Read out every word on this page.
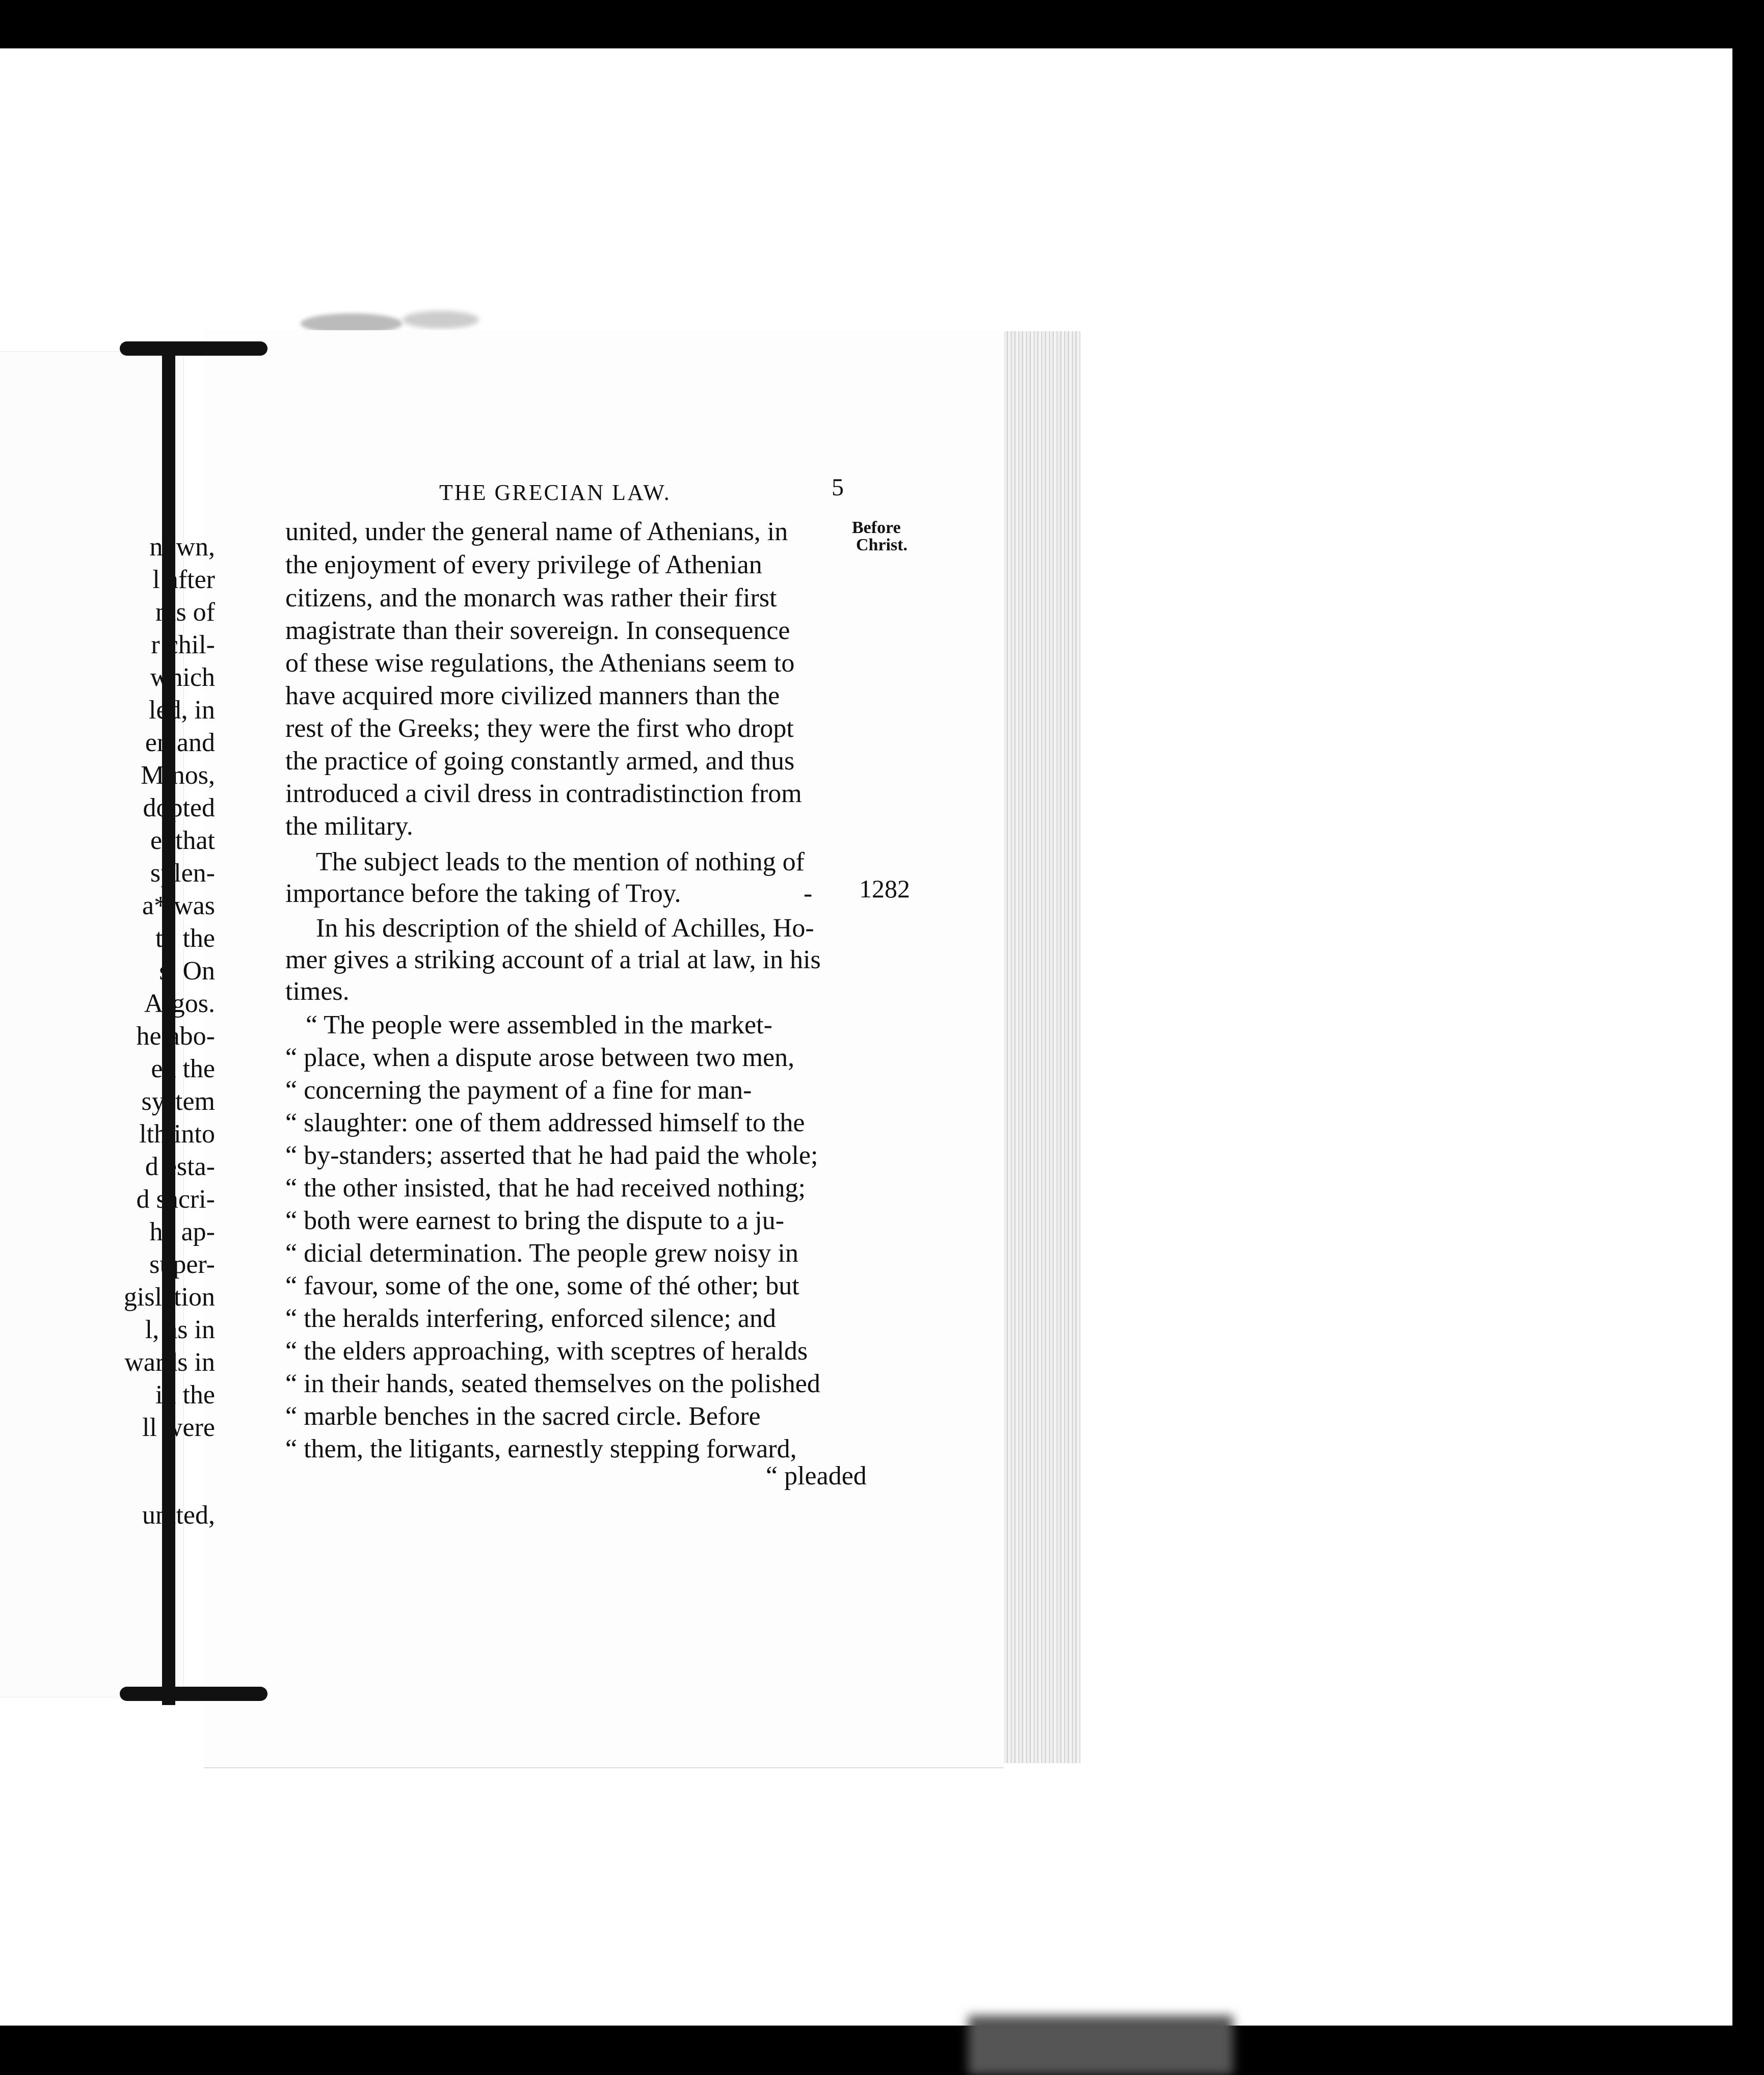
nown,
l after
ms of
r chil-
which
led, in
en and
Minos,
dopted
e, that
splen-
a* was
to the
s. On
Argos.
he abo-
ed the
system
lth into
d esta-
d sacri-
he ap-
super-
gislation
l, as in
wards in
in the
ll were
united,
THE GRECIAN LAW.	5
Before
Christ.
united, under the general name of Athenians, in
the enjoyment of every privilege of Athenian
citizens, and the monarch was rather their first
magistrate than their sovereign. In consequence
of these wise regulations, the Athenians seem to
have acquired more civilized manners than the
rest of the Greeks; they were the first who dropt
the practice of going constantly armed, and thus
introduced a civil dress in contradistinction from
the military.
The subject leads to the mention of nothing of
importance before the taking of Troy.
In his description of the shield of Achilles, Ho-
mer gives a striking account of a trial at law, in his
times.
“ The people were assembled in the market-
“ place, when a dispute arose between two men,
“ concerning the payment of a fine for man-
“ slaughter: one of them addressed himself to the
“ by-standers; asserted that he had paid the whole;
“ the other insisted, that he had received nothing;
“ both were earnest to bring the dispute to a ju-
“ dicial determination. The people grew noisy in
“ favour, some of the one, some of thé other; but
“ the heralds interfering, enforced silence; and
“ the elders approaching, with sceptres of heralds
“ in their hands, seated themselves on the polished
“ marble benches in the sacred circle. Before
“ them, the litigants, earnestly stepping forward,
- 1282
“ pleaded
